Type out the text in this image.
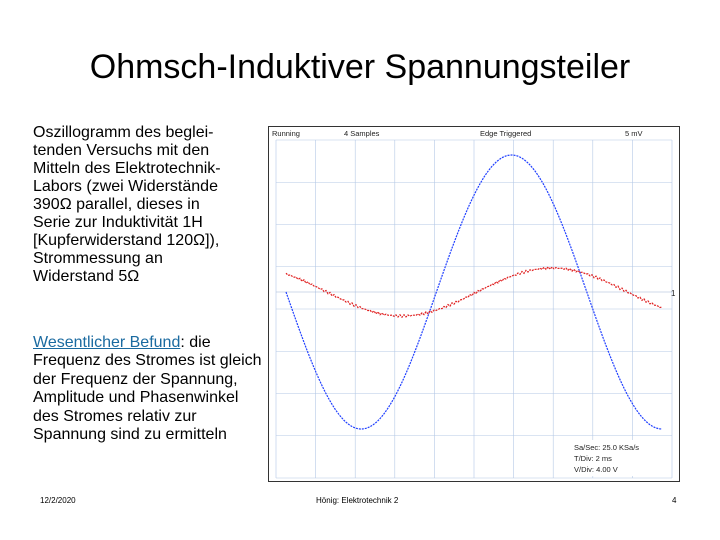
Ohmsch-Induktiver Spannungsteiler
Oszillogramm des beglei-
tenden Versuchs mit den
Mitteln des Elektrotechnik-
Labors (zwei Widerstände
390Ω parallel, dieses in
Serie zur Induktivität 1H
[Kupferwiderstand 120Ω]),
Strommessung an
Widerstand 5Ω
Wesentlicher Befund: die Frequenz des Stromes ist gleich der Frequenz der Spannung, Amplitude und Phasenwinkel des Stromes relativ zur Spannung sind zu ermitteln
Running	4 Samples	Edge Triggered	5 mV
1
Sa/Sec: 25.0 KSa/s
T/Div: 2 ms
V/Div: 4.00 V
12/2/2020	Hönig: Elektrotechnik 2	4
